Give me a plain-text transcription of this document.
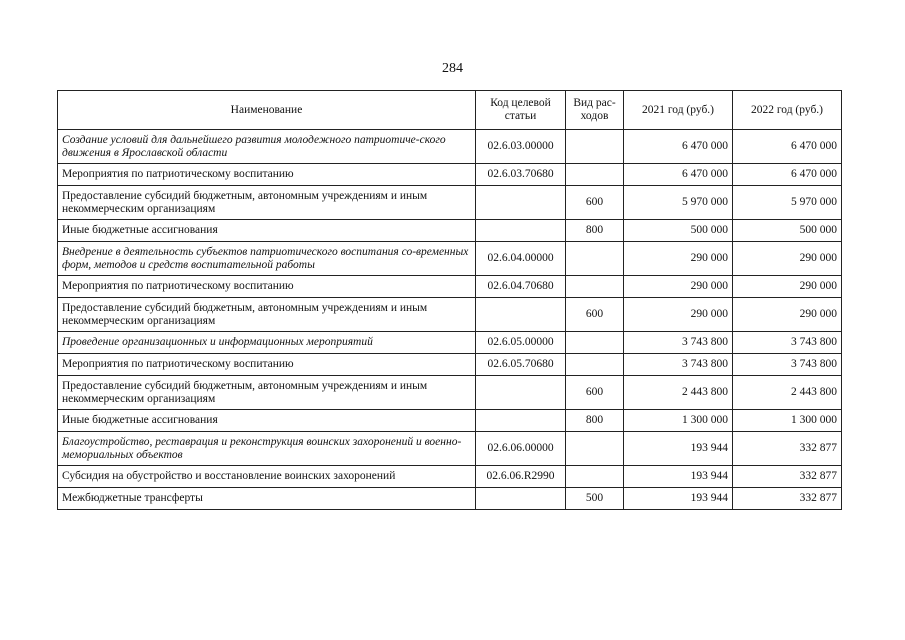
284
Наименование	Код целевой статьи	Вид рас-ходов	2021 год (руб.)	2022 год (руб.)
Создание условий для дальнейшего развития молодежного патриотиче-ского движения в Ярославской области	02.6.03.00000		6 470 000	6 470 000
Мероприятия по патриотическому воспитанию	02.6.03.70680		6 470 000	6 470 000
Предоставление субсидий бюджетным, автономным учреждениям и иным некоммерческим организациям		600	5 970 000	5 970 000
Иные бюджетные ассигнования		800	500 000	500 000
Внедрение в деятельность субъектов патриотического воспитания со-временных форм, методов и средств воспитательной работы	02.6.04.00000		290 000	290 000
Мероприятия по патриотическому воспитанию	02.6.04.70680		290 000	290 000
Предоставление субсидий бюджетным, автономным учреждениям и иным некоммерческим организациям		600	290 000	290 000
Проведение организационных и информационных мероприятий	02.6.05.00000		3 743 800	3 743 800
Мероприятия по патриотическому воспитанию	02.6.05.70680		3 743 800	3 743 800
Предоставление субсидий бюджетным, автономным учреждениям и иным некоммерческим организациям		600	2 443 800	2 443 800
Иные бюджетные ассигнования		800	1 300 000	1 300 000
Благоустройство, реставрация и реконструкция воинских захоронений и военно-мемориальных объектов	02.6.06.00000		193 944	332 877
Субсидия на обустройство и восстановление воинских захоронений	02.6.06.R2990		193 944	332 877
Межбюджетные трансферты		500	193 944	332 877
